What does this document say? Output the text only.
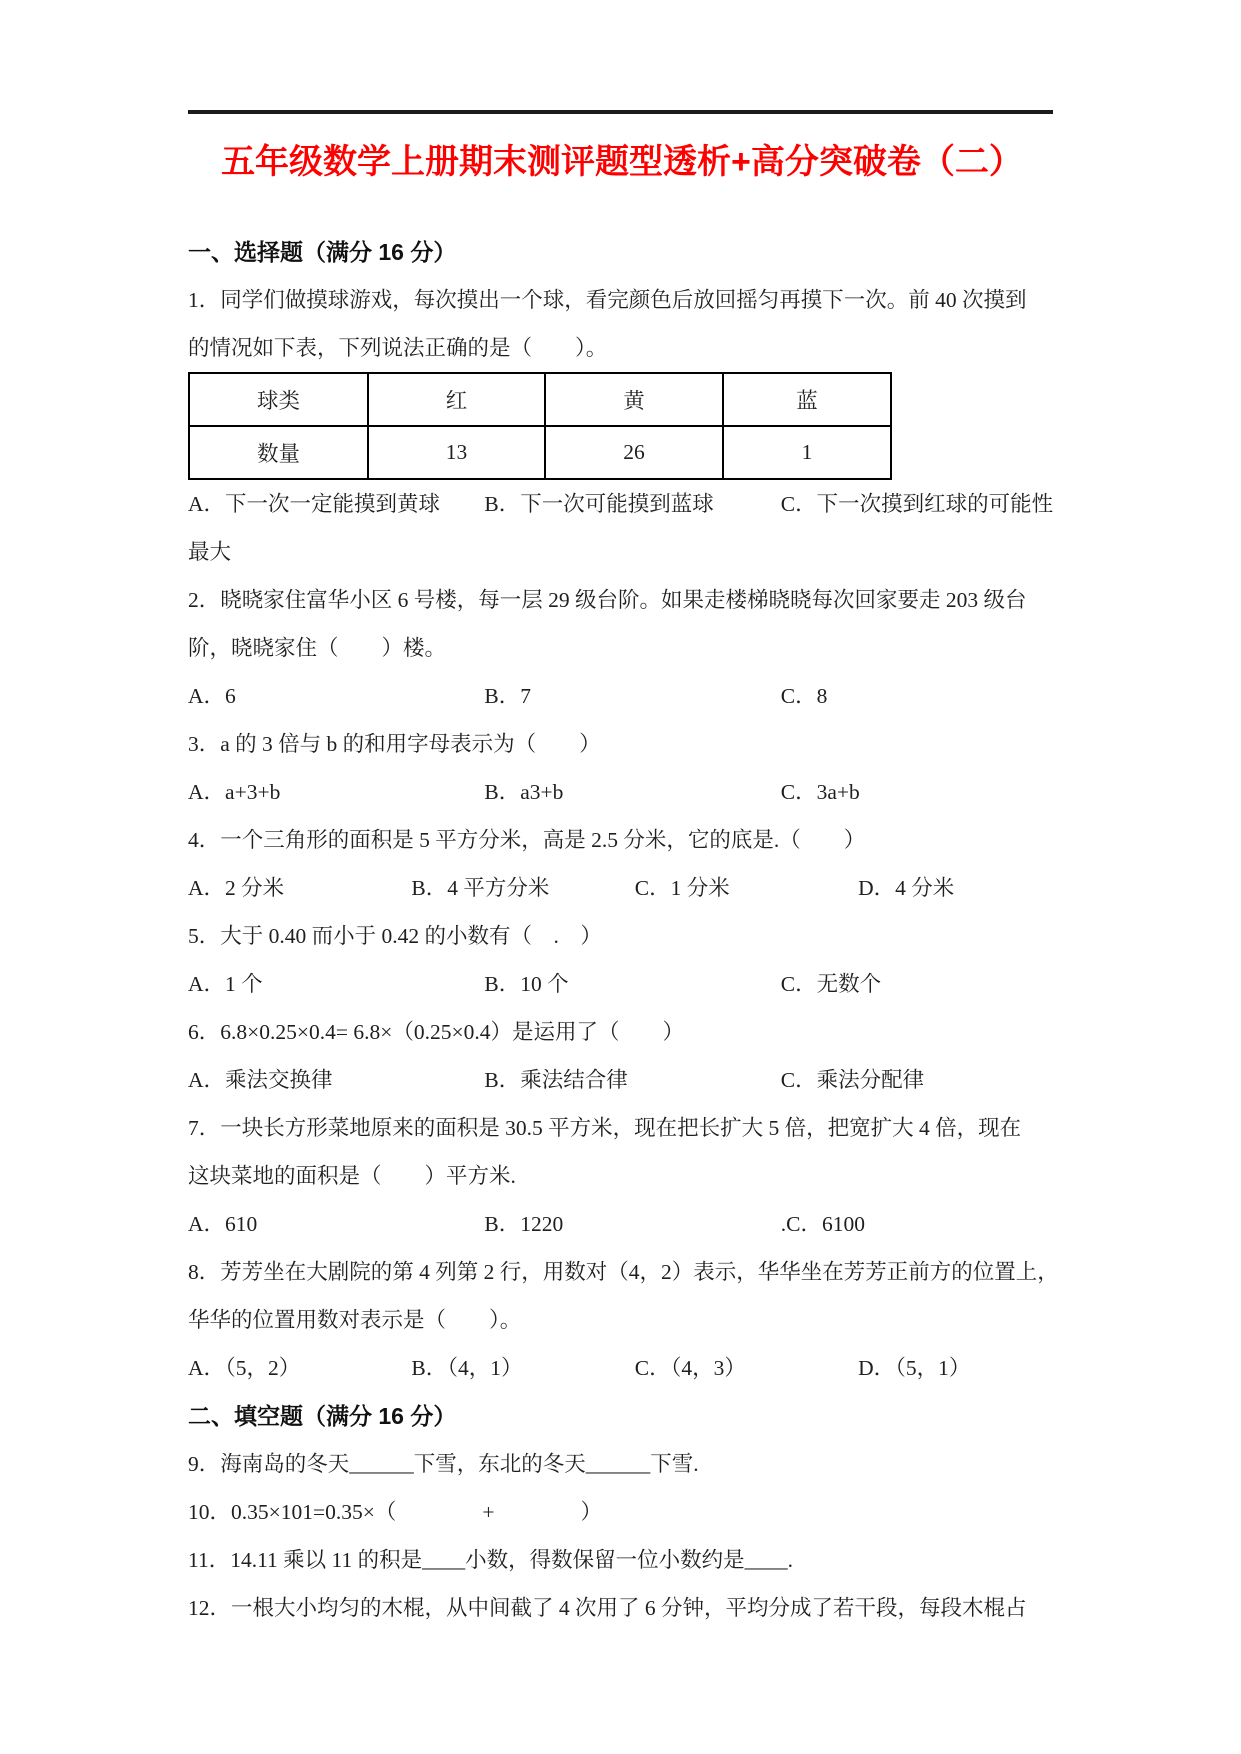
五年级数学上册期末测评题型透析+高分突破卷（二）
一、选择题（满分 16 分）
1．同学们做摸球游戏，每次摸出一个球，看完颜色后放回摇匀再摸下一次。前 40 次摸到
的情况如下表，下列说法正确的是（　　）。
球类	红	黄	蓝
数量	13	26	1
A．下一次一定能摸到黄球 B．下一次可能摸到蓝球	C．下一次摸到红球的可能性
最大
2．晓晓家住富华小区 6 号楼，每一层 29 级台阶。如果走楼梯晓晓每次回家要走 203 级台
阶，晓晓家住（　　）楼。
A．6	B．7	C．8
3．a 的 3 倍与 b 的和用字母表示为（　　）
A．a+3+b	B．a3+b	C．3a+b
4．一个三角形的面积是 5 平方分米，高是 2.5 分米，它的底是.（　　）
A．2 分米	B．4 平方分米	C．1 分米	D．4 分米
5．大于 0.40 而小于 0.42 的小数有（　.　）
A．1 个	B．10 个	C．无数个
6．6.8×0.25×0.4= 6.8×（0.25×0.4）是运用了（　　）
A．乘法交换律	B．乘法结合律	C．乘法分配律
7．一块长方形菜地原来的面积是 30.5 平方米，现在把长扩大 5 倍，把宽扩大 4 倍，现在
这块菜地的面积是（　　）平方米.
A．610	B．1220	.C．6100
8．芳芳坐在大剧院的第 4 列第 2 行，用数对（4，2）表示，华华坐在芳芳正前方的位置上，
华华的位置用数对表示是（　　）。
A．（5，2）	B．（4，1）	C．（4，3）	D．（5，1）
二、填空题（满分 16 分）
9．海南岛的冬天______下雪，东北的冬天______下雪.
10．0.35×101=0.35×（　　　　+　　　　）
11．14.11 乘以 11 的积是____小数，得数保留一位小数约是____.
12．一根大小均匀的木棍，从中间截了 4 次用了 6 分钟，平均分成了若干段，每段木棍占
